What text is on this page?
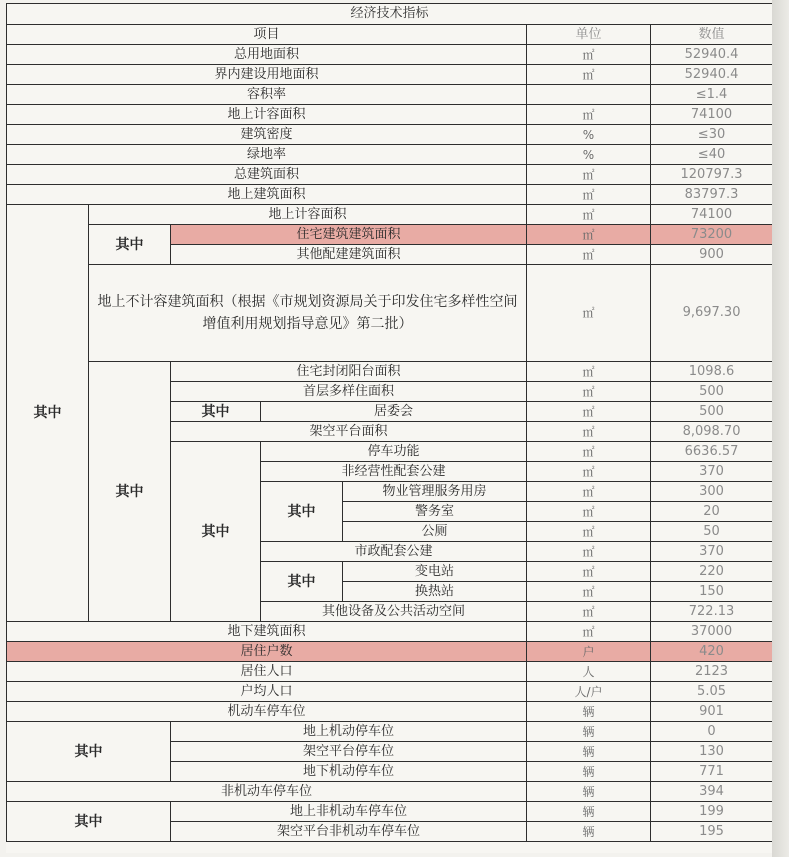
经济技术指标						
项目					单位	数值
总用地面积					㎡	52940.4
界内建设用地面积					㎡	52940.4
容积率						≤1.4
地上计容面积					㎡	74100
建筑密度					%	≤30
绿地率					%	≤40
总建筑面积					㎡	120797.3
地上建筑面积					㎡	83797.3
其中	地上计容面积				㎡	74100
	其中	住宅建筑建筑面积			㎡	73200
		其他配建建筑面积			㎡	900
	地上不计容建筑面积（根据《市规划资源局关于印发住宅多样性空间增值利用规划指导意见》第二批）				㎡	9,697.30
	其中	住宅封闭阳台面积			㎡	1098.6
		首层多样住面积			㎡	500
		其中	居委会		㎡	500
		架空平台面积			㎡	8,098.70
		其中	停车功能		㎡	6636.57
			非经营性配套公建		㎡	370
			其中	物业管理服务用房	㎡	300
				警务室	㎡	20
				公厕	㎡	50
			市政配套公建		㎡	370
			其中	变电站	㎡	220
				换热站	㎡	150
			其他设备及公共活动空间		㎡	722.13
地下建筑面积					㎡	37000
居住户数					户	420
居住人口					人	2123
户均人口					人/户	5.05
机动车停车位					辆	901
其中		地上机动停车位			辆	0
		架空平台停车位			辆	130
		地下机动停车位			辆	771
非机动车停车位					辆	394
其中		地上非机动车停车位			辆	199
		架空平台非机动车停车位			辆	195
